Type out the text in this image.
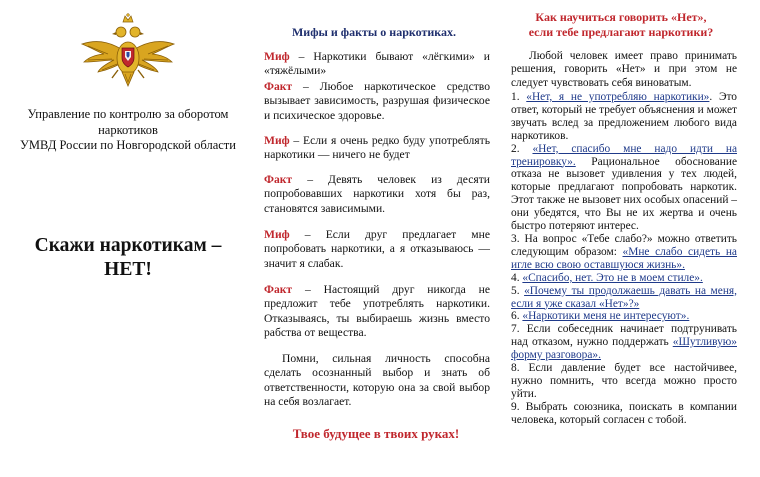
Управление по контролю за оборотом наркотиков
УМВД России по Новгородской области
Скажи наркотикам – НЕТ!
Мифы и факты о наркотиках.

Миф – Наркотики бывают «лёгкими» и «тяжёлыми»

Факт – Любое наркотическое средство вызывает зависимость, разрушая физическое и психическое здоровье.

Миф – Если я очень редко буду употреблять наркотики — ничего не будет

Факт – Девять человек из десяти попробовавших наркотики хотя бы раз, становятся зависимыми.

Миф – Если друг предлагает мне попробовать наркотики, а я отказываюсь — значит я слабак.

Факт – Настоящий друг никогда не предложит тебе употреблять наркотики. Отказываясь, ты выбираешь жизнь вместо рабства от вещества.

Помни, сильная личность способна сделать осознанный выбор и знать об ответственности, которую она за свой выбор на себя возлагает.

Твое будущее в твоих руках!
Как научиться говорить «Нет»,
если тебе предлагают наркотики?

Любой человек имеет право принимать решения, говорить «Нет» и при этом не следует чувствовать себя виноватым.

1. «Нет, я не употребляю наркотики». Это ответ, который не требует объяснения и может звучать вслед за предложением любого вида наркотиков.
2. «Нет, спасибо мне надо идти на тренировку». Рациональное обоснование отказа не вызовет удивления у тех людей, которые предлагают попробовать наркотик. Этот также не вызовет них особых опасений – они убедятся, что Вы не их жертва и очень быстро потеряют интерес.
3. На вопрос «Тебе слабо?» можно ответить следующим образом: «Мне слабо сидеть на игле всю свою оставшуюся жизнь».
4. «Спасибо, нет. Это не в моем стиле».
5. «Почему ты продолжаешь давать на меня, если я уже сказал «Нет»?»
6. «Наркотики меня не интересуют».
7. Если собеседник начинает подтрунивать над отказом, нужно поддержать «Шутливую» форму разговора».
8. Если давление будет все настойчивее, нужно помнить, что всегда можно просто уйти.
9. Выбрать союзника, поискать в компании человека, который согласен с тобой.
